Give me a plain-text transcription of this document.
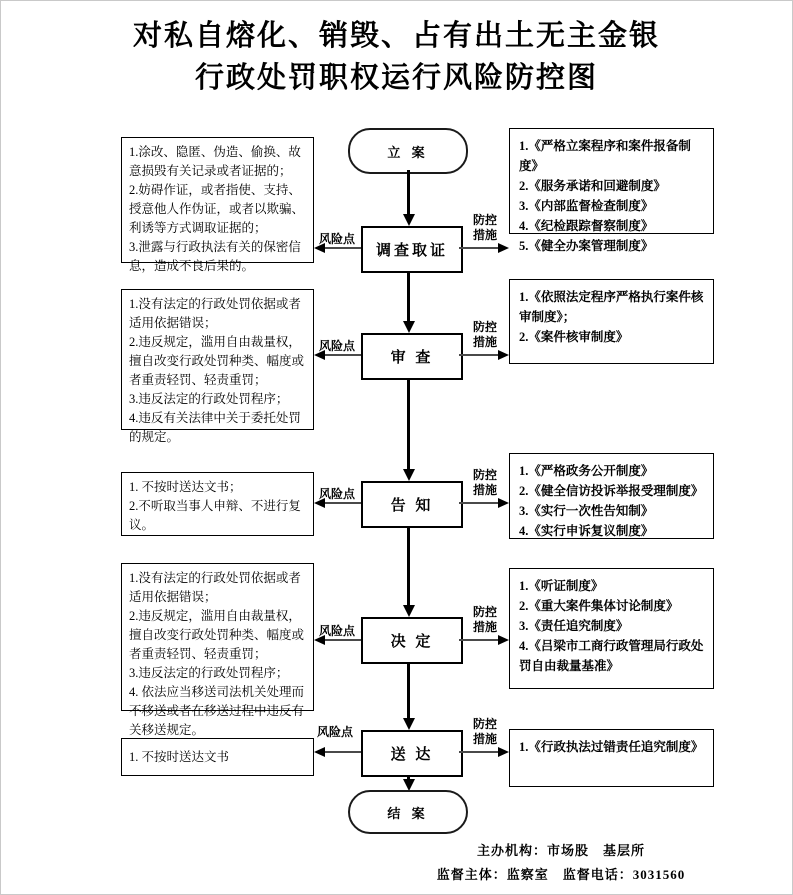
对私自熔化、销毁、占有出土无主金银
行政处罚职权运行风险防控图
立 案
1.涂改、隐匿、伪造、偷换、故意损毁有关记录或者证据的；
2.妨碍作证，或者指使、支持、授意他人作伪证，或者以欺骗、利诱等方式调取证据的；
3.泄露与行政执法有关的保密信息，造成不良后果的。
调查取证
1.《严格立案程序和案件报备制度》
2.《服务承诺和回避制度》
3.《内部监督检查制度》
4.《纪检跟踪督察制度》
5.《健全办案管理制度》
风险点
防控
措施
1.没有法定的行政处罚依据或者适用依据错误；
2.违反规定，滥用自由裁量权，擅自改变行政处罚种类、幅度或者重责轻罚、轻责重罚；
3.违反法定的行政处罚程序；
4.违反有关法律中关于委托处罚的规定。
审 查
1.《依照法定程序严格执行案件核审制度》；
2.《案件核审制度》
风险点
防控
措施
1. 不按时送达文书；
2.不听取当事人申辩、不进行复议。
告 知
1.《严格政务公开制度》
2.《健全信访投诉举报受理制度》
3.《实行一次性告知制》
4.《实行申诉复议制度》
风险点
防控
措施
1.没有法定的行政处罚依据或者适用依据错误；
2.违反规定，滥用自由裁量权，擅自改变行政处罚种类、幅度或者重责轻罚、轻责重罚；
3.违反法定的行政处罚程序；
4. 依法应当移送司法机关处理而不移送或者在移送过程中违反有关移送规定。
决 定
1.《听证制度》
2.《重大案件集体讨论制度》
3.《责任追究制度》
4.《吕梁市工商行政管理局行政处罚自由裁量基准》
风险点
防控
措施
1. 不按时送达文书	送 达	1.《行政执法过错责任追究制度》
风险点
防控
措施
结 案
主办机构：市场股　基层所
监督主体：监察室　监督电话：3031560
